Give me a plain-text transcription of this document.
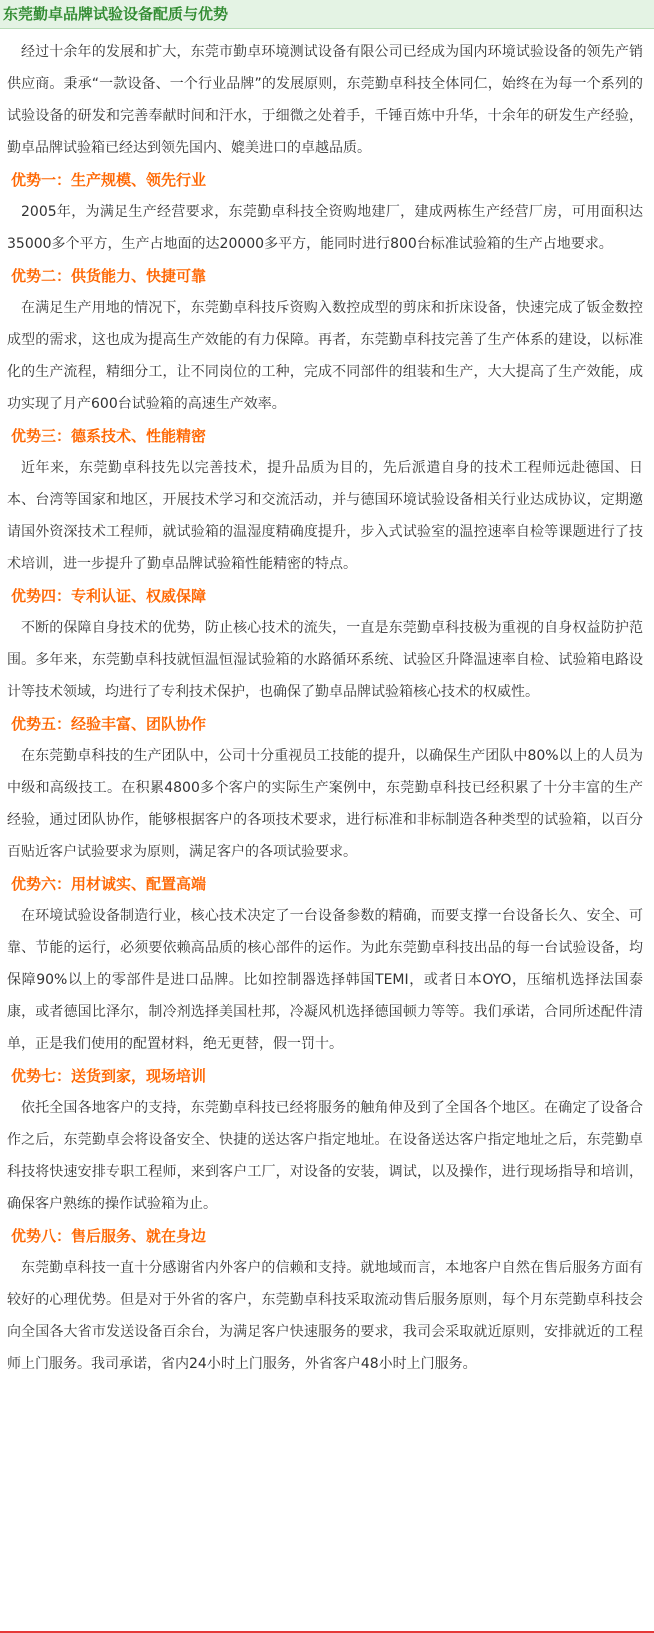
东莞勤卓品牌试验设备配质与优势

经过十余年的发展和扩大，东莞市勤卓环境测试设备有限公司已经成为国内环境试验设备的领先产销供应商。秉承“一款设备、一个行业品牌”的发展原则，东莞勤卓科技全体同仁，始终在为每一个系列的试验设备的研发和完善奉献时间和汗水，于细微之处着手，千锤百炼中升华，十余年的研发生产经验，勤卓品牌试验箱已经达到领先国内、媲美进口的卓越品质。

优势一：生产规模、领先行业

2005年，为满足生产经营要求，东莞勤卓科技全资购地建厂，建成两栋生产经营厂房，可用面积达35000多个平方，生产占地面的达20000多平方，能同时进行800台标准试验箱的生产占地要求。

优势二：供货能力、快捷可靠

在满足生产用地的情况下，东莞勤卓科技斥资购入数控成型的剪床和折床设备，快速完成了钣金数控成型的需求，这也成为提高生产效能的有力保障。再者，东莞勤卓科技完善了生产体系的建设，以标准化的生产流程，精细分工，让不同岗位的工种，完成不同部件的组装和生产，大大提高了生产效能，成功实现了月产600台试验箱的高速生产效率。

优势三：德系技术、性能精密

近年来，东莞勤卓科技先以完善技术，提升品质为目的，先后派遣自身的技术工程师远赴德国、日本、台湾等国家和地区，开展技术学习和交流活动，并与德国环境试验设备相关行业达成协议，定期邀请国外资深技术工程师，就试验箱的温湿度精确度提升，步入式试验室的温控速率自检等课题进行了技术培训，进一步提升了勤卓品牌试验箱性能精密的特点。

优势四：专利认证、权威保障

不断的保障自身技术的优势，防止核心技术的流失，一直是东莞勤卓科技极为重视的自身权益防护范围。多年来，东莞勤卓科技就恒温恒湿试验箱的水路循环系统、试验区升降温速率自检、试验箱电路设计等技术领域，均进行了专利技术保护，也确保了勤卓品牌试验箱核心技术的权威性。

优势五：经验丰富、团队协作

在东莞勤卓科技的生产团队中，公司十分重视员工技能的提升，以确保生产团队中80%以上的人员为中级和高级技工。在积累4800多个客户的实际生产案例中，东莞勤卓科技已经积累了十分丰富的生产经验，通过团队协作，能够根据客户的各项技术要求，进行标准和非标制造各种类型的试验箱，以百分百贴近客户试验要求为原则，满足客户的各项试验要求。

优势六：用材诚实、配置高端

在环境试验设备制造行业，核心技术决定了一台设备参数的精确，而要支撑一台设备长久、安全、可靠、节能的运行，必须要依赖高品质的核心部件的运作。为此东莞勤卓科技出品的每一台试验设备，均保障90%以上的零部件是进口品牌。比如控制器选择韩国TEMI，或者日本OYO，压缩机选择法国泰康，或者德国比泽尔，制冷剂选择美国杜邦，冷凝风机选择德国顿力等等。我们承诺，合同所述配件清单，正是我们使用的配置材料，绝无更替，假一罚十。

优势七：送货到家，现场培训

依托全国各地客户的支持，东莞勤卓科技已经将服务的触角伸及到了全国各个地区。在确定了设备合作之后，东莞勤卓会将设备安全、快捷的送达客户指定地址。在设备送达客户指定地址之后，东莞勤卓科技将快速安排专职工程师，来到客户工厂，对设备的安装，调试，以及操作，进行现场指导和培训，确保客户熟练的操作试验箱为止。

优势八：售后服务、就在身边

东莞勤卓科技一直十分感谢省内外客户的信赖和支持。就地域而言，本地客户自然在售后服务方面有较好的心理优势。但是对于外省的客户，东莞勤卓科技采取流动售后服务原则，每个月东莞勤卓科技会向全国各大省市发送设备百余台，为满足客户快速服务的要求，我司会采取就近原则，安排就近的工程师上门服务。我司承诺，省内24小时上门服务，外省客户48小时上门服务。
